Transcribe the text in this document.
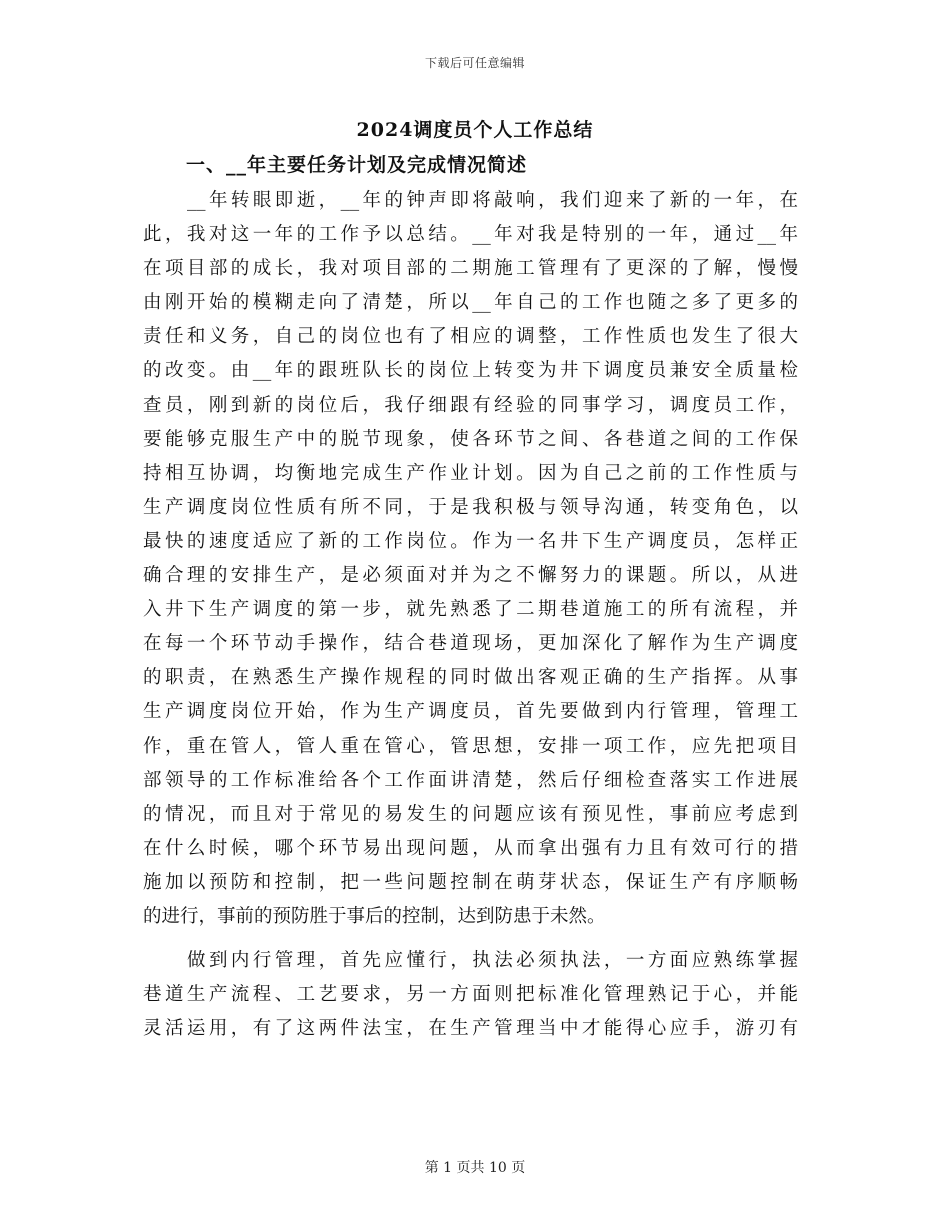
下载后可任意编辑
2024调度员个人工作总结
一、__年主要任务计划及完成情况简述
__年转眼即逝，__年的钟声即将敲响，我们迎来了新的一年，在
此，我对这一年的工作予以总结。__年对我是特别的一年，通过__年
在项目部的成长，我对项目部的二期施工管理有了更深的了解，慢慢
由刚开始的模糊走向了清楚，所以__年自己的工作也随之多了更多的
责任和义务，自己的岗位也有了相应的调整，工作性质也发生了很大
的改变。由__年的跟班队长的岗位上转变为井下调度员兼安全质量检
查员，刚到新的岗位后，我仔细跟有经验的同事学习，调度员工作，
要能够克服生产中的脱节现象，使各环节之间、各巷道之间的工作保
持相互协调，均衡地完成生产作业计划。因为自己之前的工作性质与
生产调度岗位性质有所不同，于是我积极与领导沟通，转变角色，以
最快的速度适应了新的工作岗位。作为一名井下生产调度员，怎样正
确合理的安排生产，是必须面对并为之不懈努力的课题。所以，从进
入井下生产调度的第一步，就先熟悉了二期巷道施工的所有流程，并
在每一个环节动手操作，结合巷道现场，更加深化了解作为生产调度
的职责，在熟悉生产操作规程的同时做出客观正确的生产指挥。从事
生产调度岗位开始，作为生产调度员，首先要做到内行管理，管理工
作，重在管人，管人重在管心，管思想，安排一项工作，应先把项目
部领导的工作标准给各个工作面讲清楚，然后仔细检查落实工作进展
的情况，而且对于常见的易发生的问题应该有预见性，事前应考虑到
在什么时候，哪个环节易出现问题，从而拿出强有力且有效可行的措
施加以预防和控制，把一些问题控制在萌芽状态，保证生产有序顺畅
的进行，事前的预防胜于事后的控制，达到防患于未然。
做到内行管理，首先应懂行，执法必须执法，一方面应熟练掌握
巷道生产流程、工艺要求，另一方面则把标准化管理熟记于心，并能
灵活运用，有了这两件法宝，在生产管理当中才能得心应手，游刃有
第 1 页共 10 页
